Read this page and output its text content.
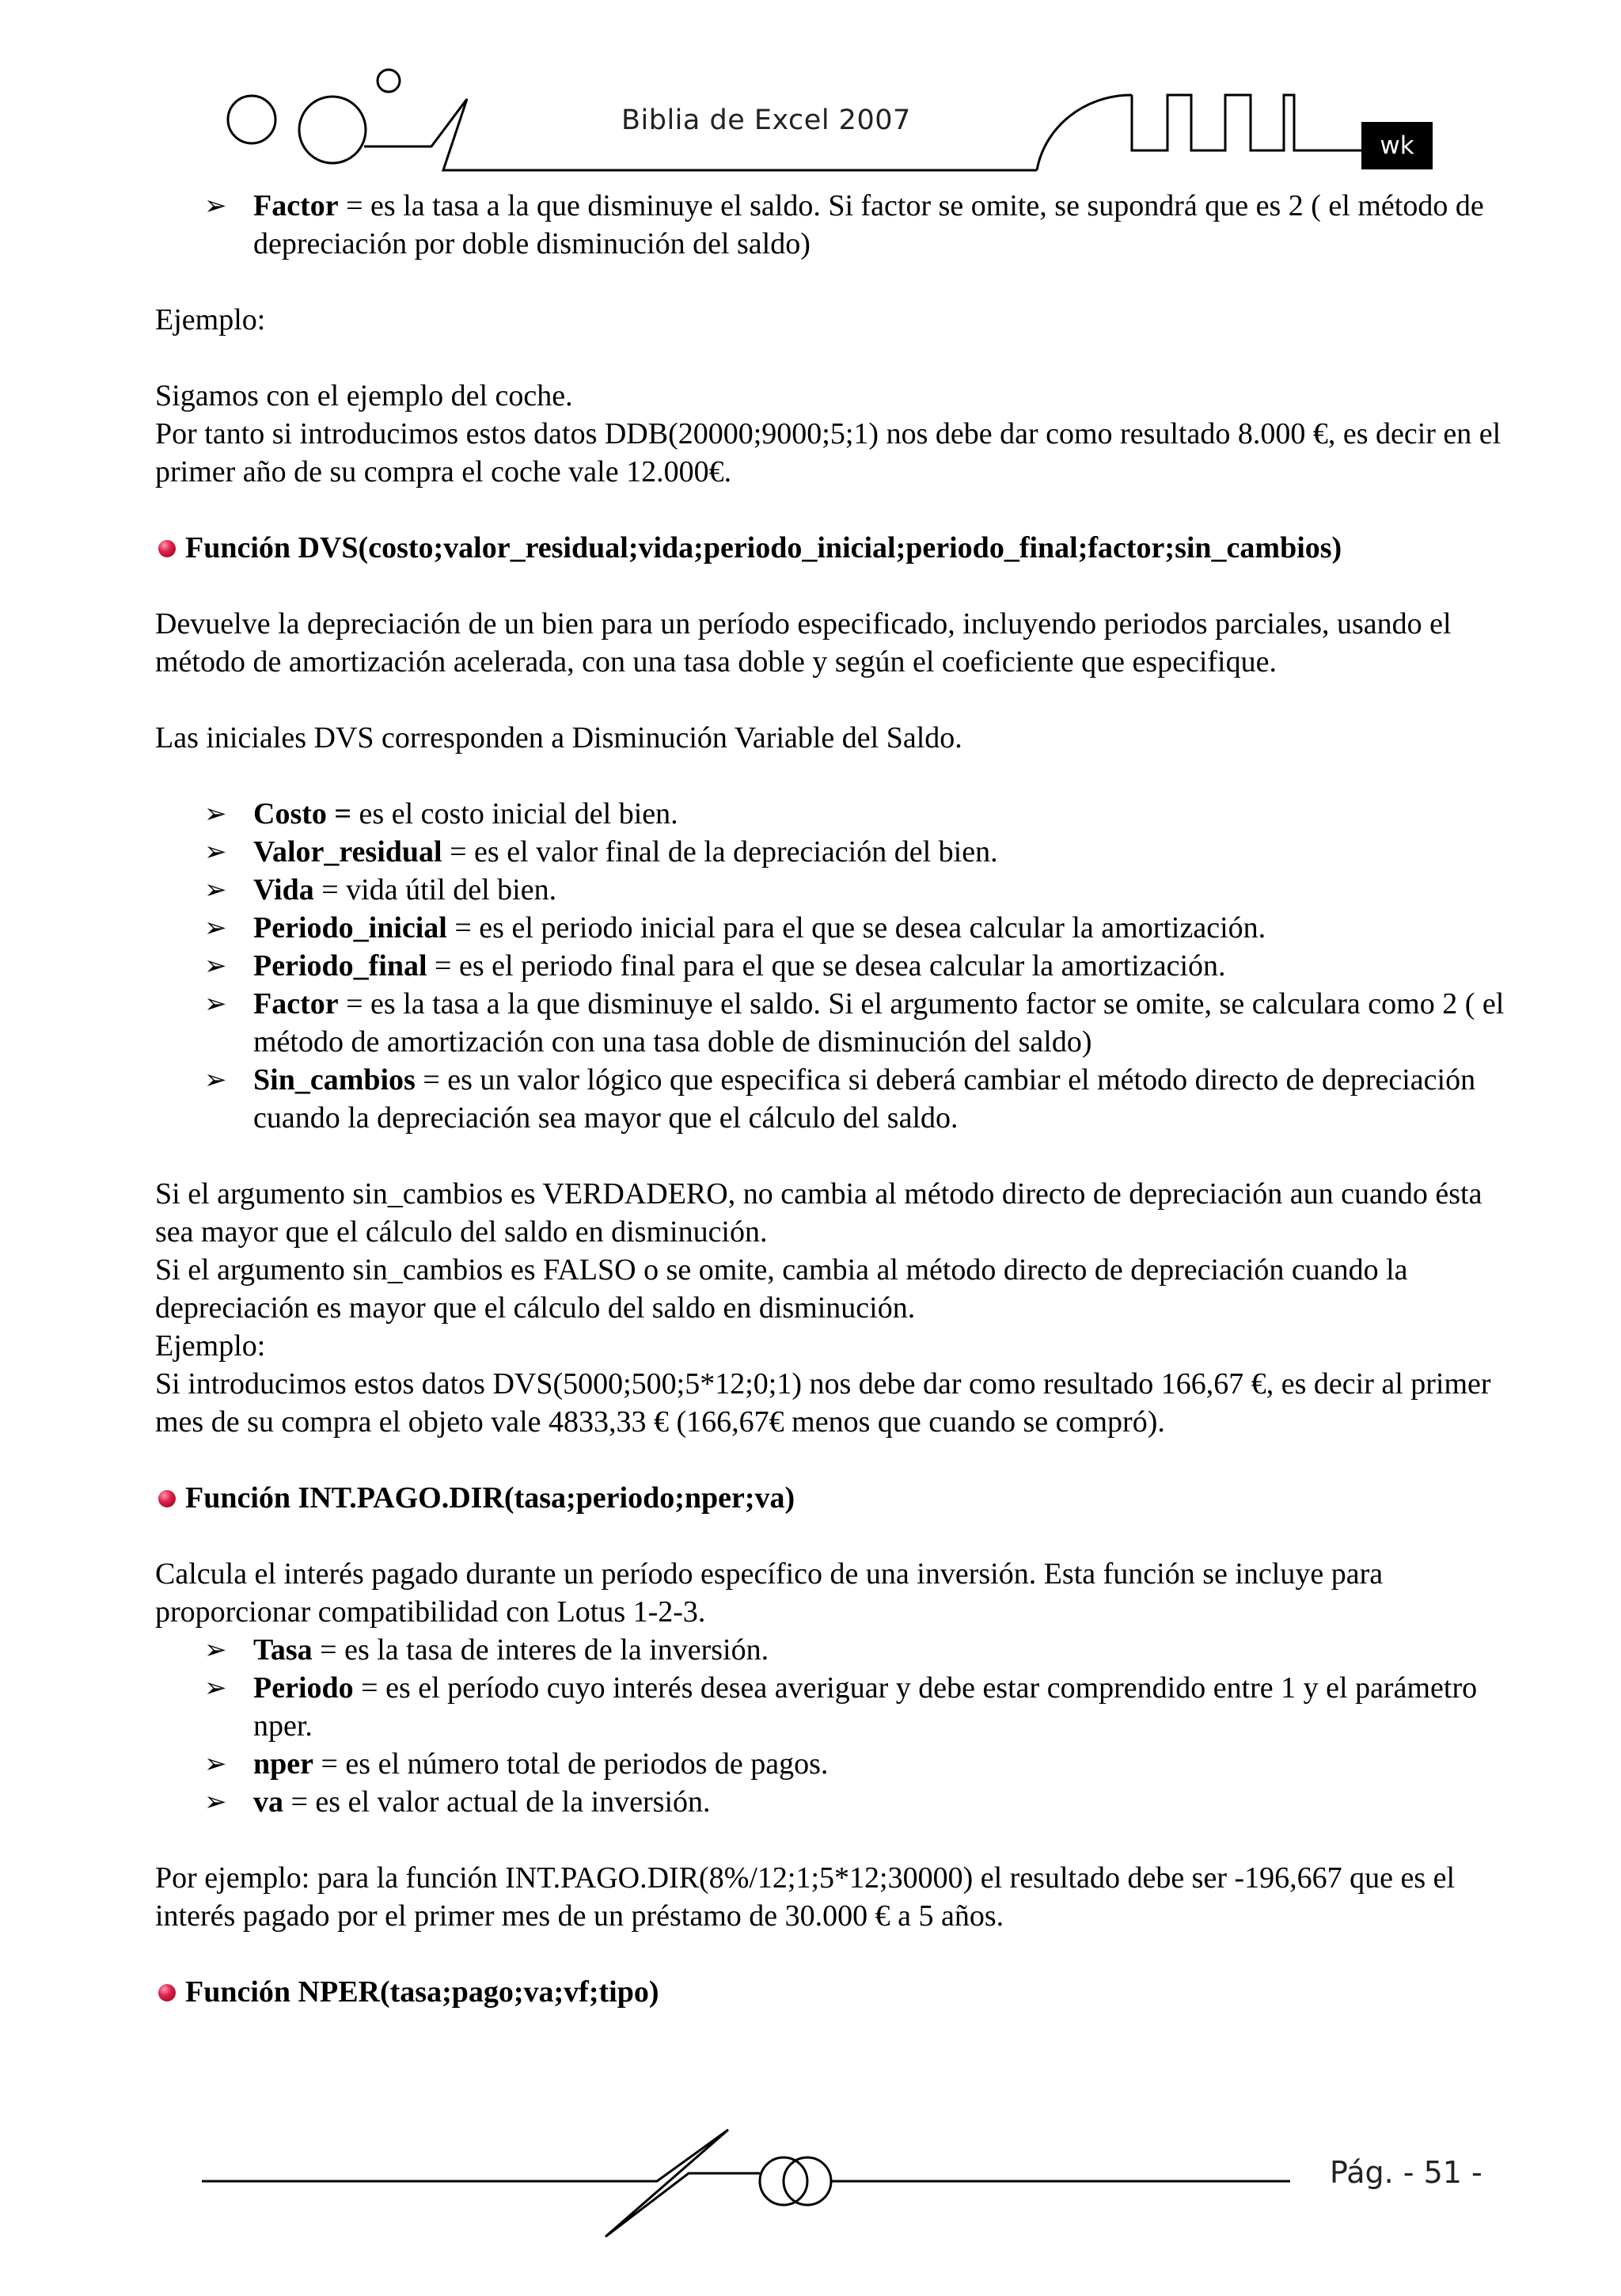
Biblia de Excel 2007
wk
➢ Factor = es la tasa a la que disminuye el saldo. Si factor se omite, se supondrá que es 2 ( el método de depreciación por doble disminución del saldo)

Ejemplo:

Sigamos con el ejemplo del coche.

Por tanto si introducimos estos datos DDB(20000;9000;5;1) nos debe dar como resultado 8.000 €, es decir en el primer año de su compra el coche vale 12.000€.

Función DVS(costo;valor_residual;vida;periodo_inicial;periodo_final;factor;sin_cambios)

Devuelve la depreciación de un bien para un período especificado, incluyendo periodos parciales, usando el método de amortización acelerada, con una tasa doble y según el coeficiente que especifique.

Las iniciales DVS corresponden a Disminución Variable del Saldo.

➢ Costo = es el costo inicial del bien.
➢ Valor_residual = es el valor final de la depreciación del bien.
➢ Vida = vida útil del bien.
➢ Periodo_inicial = es el periodo inicial para el que se desea calcular la amortización.
➢ Periodo_final = es el periodo final para el que se desea calcular la amortización.
➢ Factor = es la tasa a la que disminuye el saldo. Si el argumento factor se omite, se calculara como 2 ( el método de amortización con una tasa doble de disminución del saldo)
➢ Sin_cambios = es un valor lógico que especifica si deberá cambiar el método directo de depreciación cuando la depreciación sea mayor que el cálculo del saldo.

Si el argumento sin_cambios es VERDADERO, no cambia al método directo de depreciación aun cuando ésta sea mayor que el cálculo del saldo en disminución.

Si el argumento sin_cambios es FALSO o se omite, cambia al método directo de depreciación cuando la depreciación es mayor que el cálculo del saldo en disminución.

Ejemplo:

Si introducimos estos datos DVS(5000;500;5*12;0;1) nos debe dar como resultado 166,67 €, es decir al primer mes de su compra el objeto vale 4833,33 € (166,67€ menos que cuando se compró).

Función INT.PAGO.DIR(tasa;periodo;nper;va)

Calcula el interés pagado durante un período específico de una inversión. Esta función se incluye para proporcionar compatibilidad con Lotus 1-2-3.

➢ Tasa = es la tasa de interes de la inversión.
➢ Periodo = es el período cuyo interés desea averiguar y debe estar comprendido entre 1 y el parámetro nper.
➢ nper = es el número total de periodos de pagos.
➢ va = es el valor actual de la inversión.

Por ejemplo: para la función INT.PAGO.DIR(8%/12;1;5*12;30000) el resultado debe ser -196,667 que es el interés pagado por el primer mes de un préstamo de 30.000 € a 5 años.

Función NPER(tasa;pago;va;vf;tipo)

Pág. - 51 -
